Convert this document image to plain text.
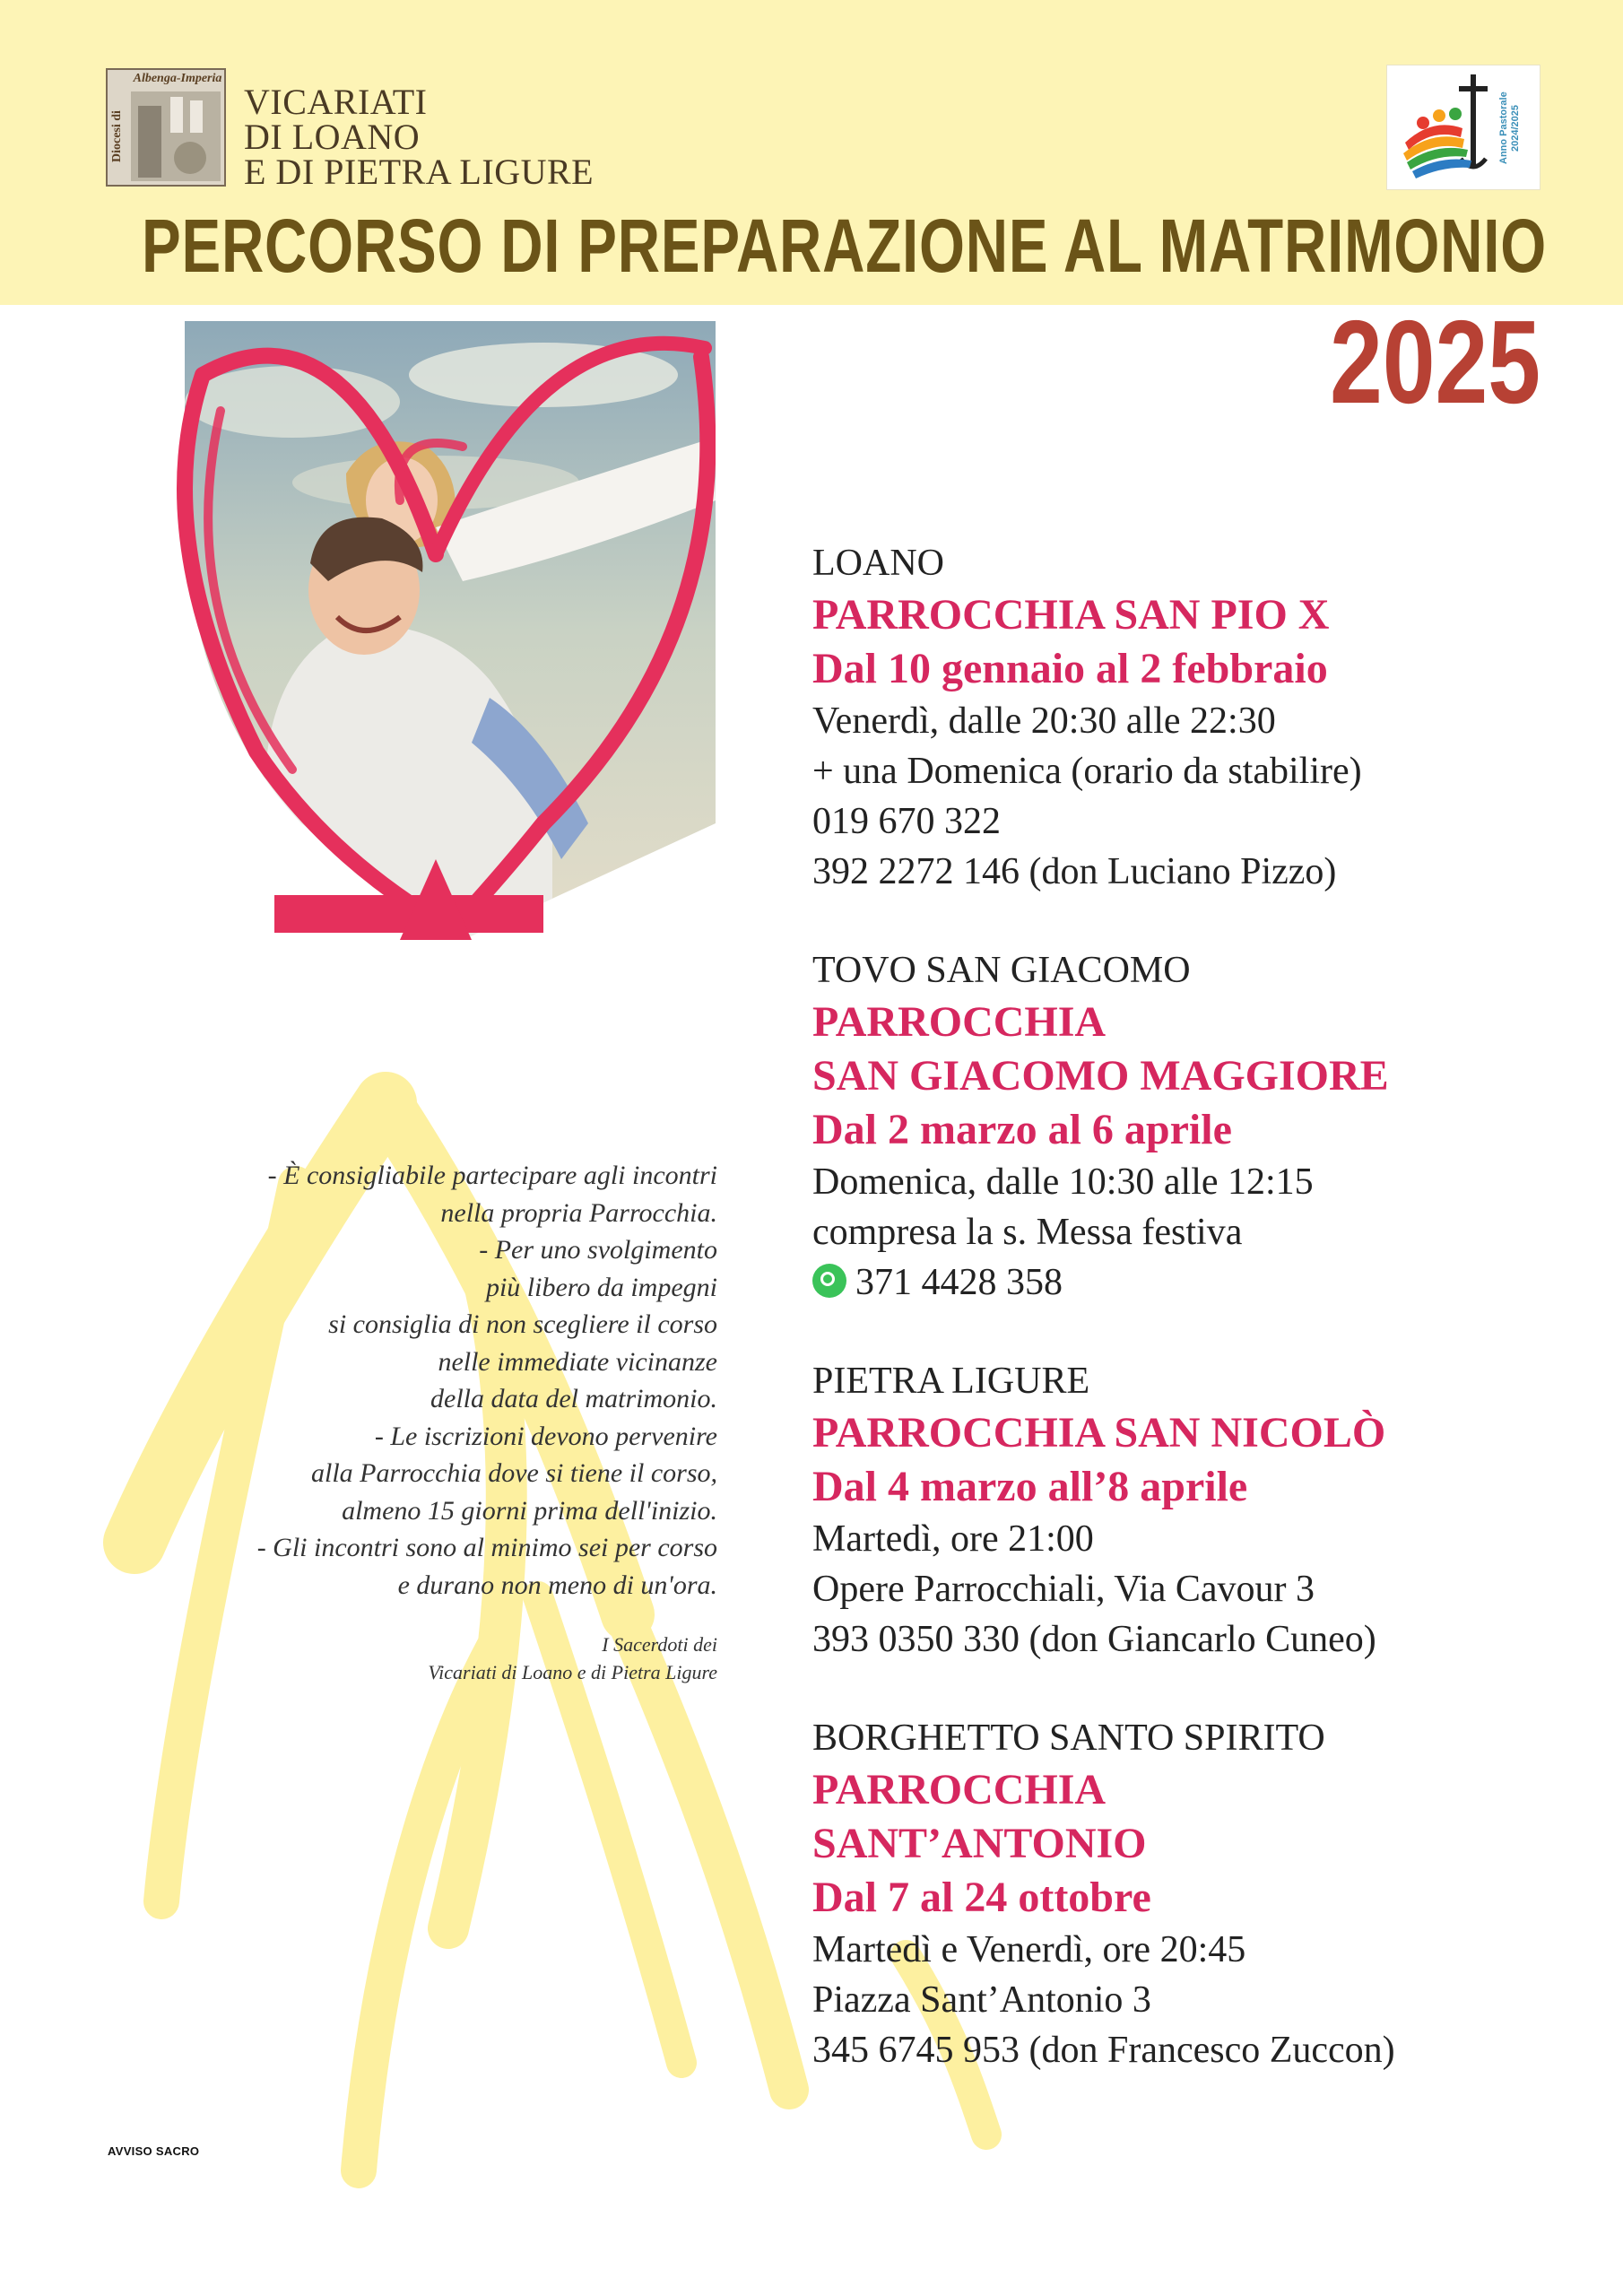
Albenga-Imperia
Diocesi di
VICARIATI
DI LOANO
E DI PIETRA LIGURE
Anno Pastorale 2024/2025
PERCORSO DI PREPARAZIONE AL MATRIMONIO
2025
- È consigliabile partecipare agli incontri
nella propria Parrocchia.
- Per uno svolgimento
più libero da impegni
si consiglia di non scegliere il corso
nelle immediate vicinanze
della data del matrimonio.
- Le iscrizioni devono pervenire
alla Parrocchia dove si tiene il corso,
almeno 15 giorni prima dell'inizio.
- Gli incontri sono al minimo sei per corso
e durano non meno di un'ora.
I Sacerdoti dei
Vicariati di Loano e di Pietra Ligure
AVVISO SACRO
LOANO
PARROCCHIA SAN PIO X
Dal 10 gennaio al 2 febbraio
Venerdì, dalle 20:30 alle 22:30
+ una Domenica (orario da stabilire)
019 670 322
392 2272 146 (don Luciano Pizzo)
TOVO SAN GIACOMO
PARROCCHIA
SAN GIACOMO MAGGIORE
Dal 2 marzo al 6 aprile
Domenica, dalle 10:30 alle 12:15
compresa la s. Messa festiva
371 4428 358
PIETRA LIGURE
PARROCCHIA SAN NICOLÒ
Dal 4 marzo all’8 aprile
Martedì, ore 21:00
Opere Parrocchiali, Via Cavour 3
393 0350 330 (don Giancarlo Cuneo)
BORGHETTO SANTO SPIRITO
PARROCCHIA
SANT’ANTONIO
Dal 7 al 24 ottobre
Martedì e Venerdì, ore 20:45
Piazza Sant’Antonio 3
345 6745 953 (don Francesco Zuccon)
